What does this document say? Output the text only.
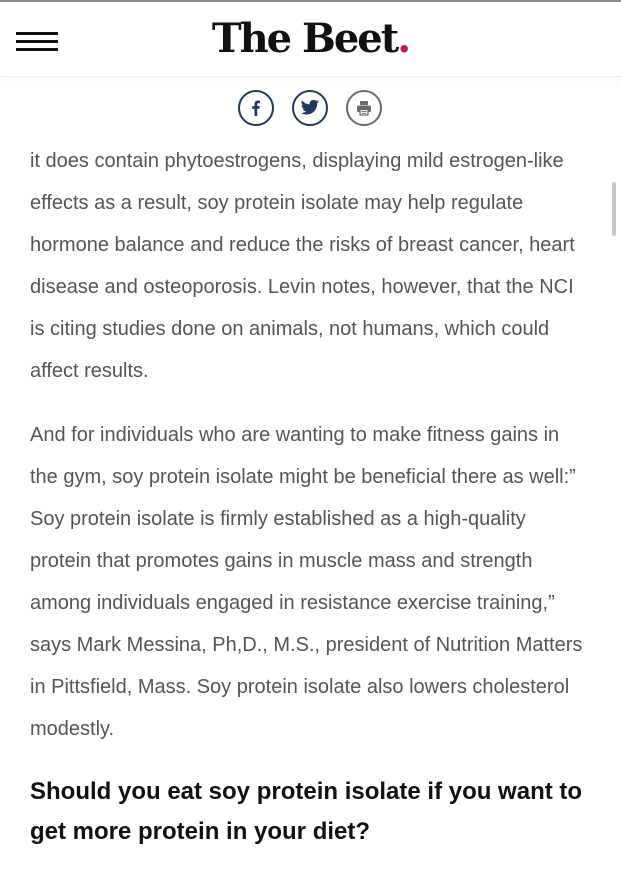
The Beet.

it does contain phytoestrogens, displaying mild estrogen-like effects as a result, soy protein isolate may help regulate hormone balance and reduce the risks of breast cancer, heart disease and osteoporosis. Levin notes, however, that the NCI is citing studies done on animals, not humans, which could affect results.

And for individuals who are wanting to make fitness gains in the gym, soy protein isolate might be beneficial there as well:” Soy protein isolate is firmly established as a high-quality protein that promotes gains in muscle mass and strength among individuals engaged in resistance exercise training,” says Mark Messina, Ph,D., M.S., president of Nutrition Matters in Pittsfield, Mass. Soy protein isolate also lowers cholesterol modestly.

Should you eat soy protein isolate if you want to get more protein in your diet?
